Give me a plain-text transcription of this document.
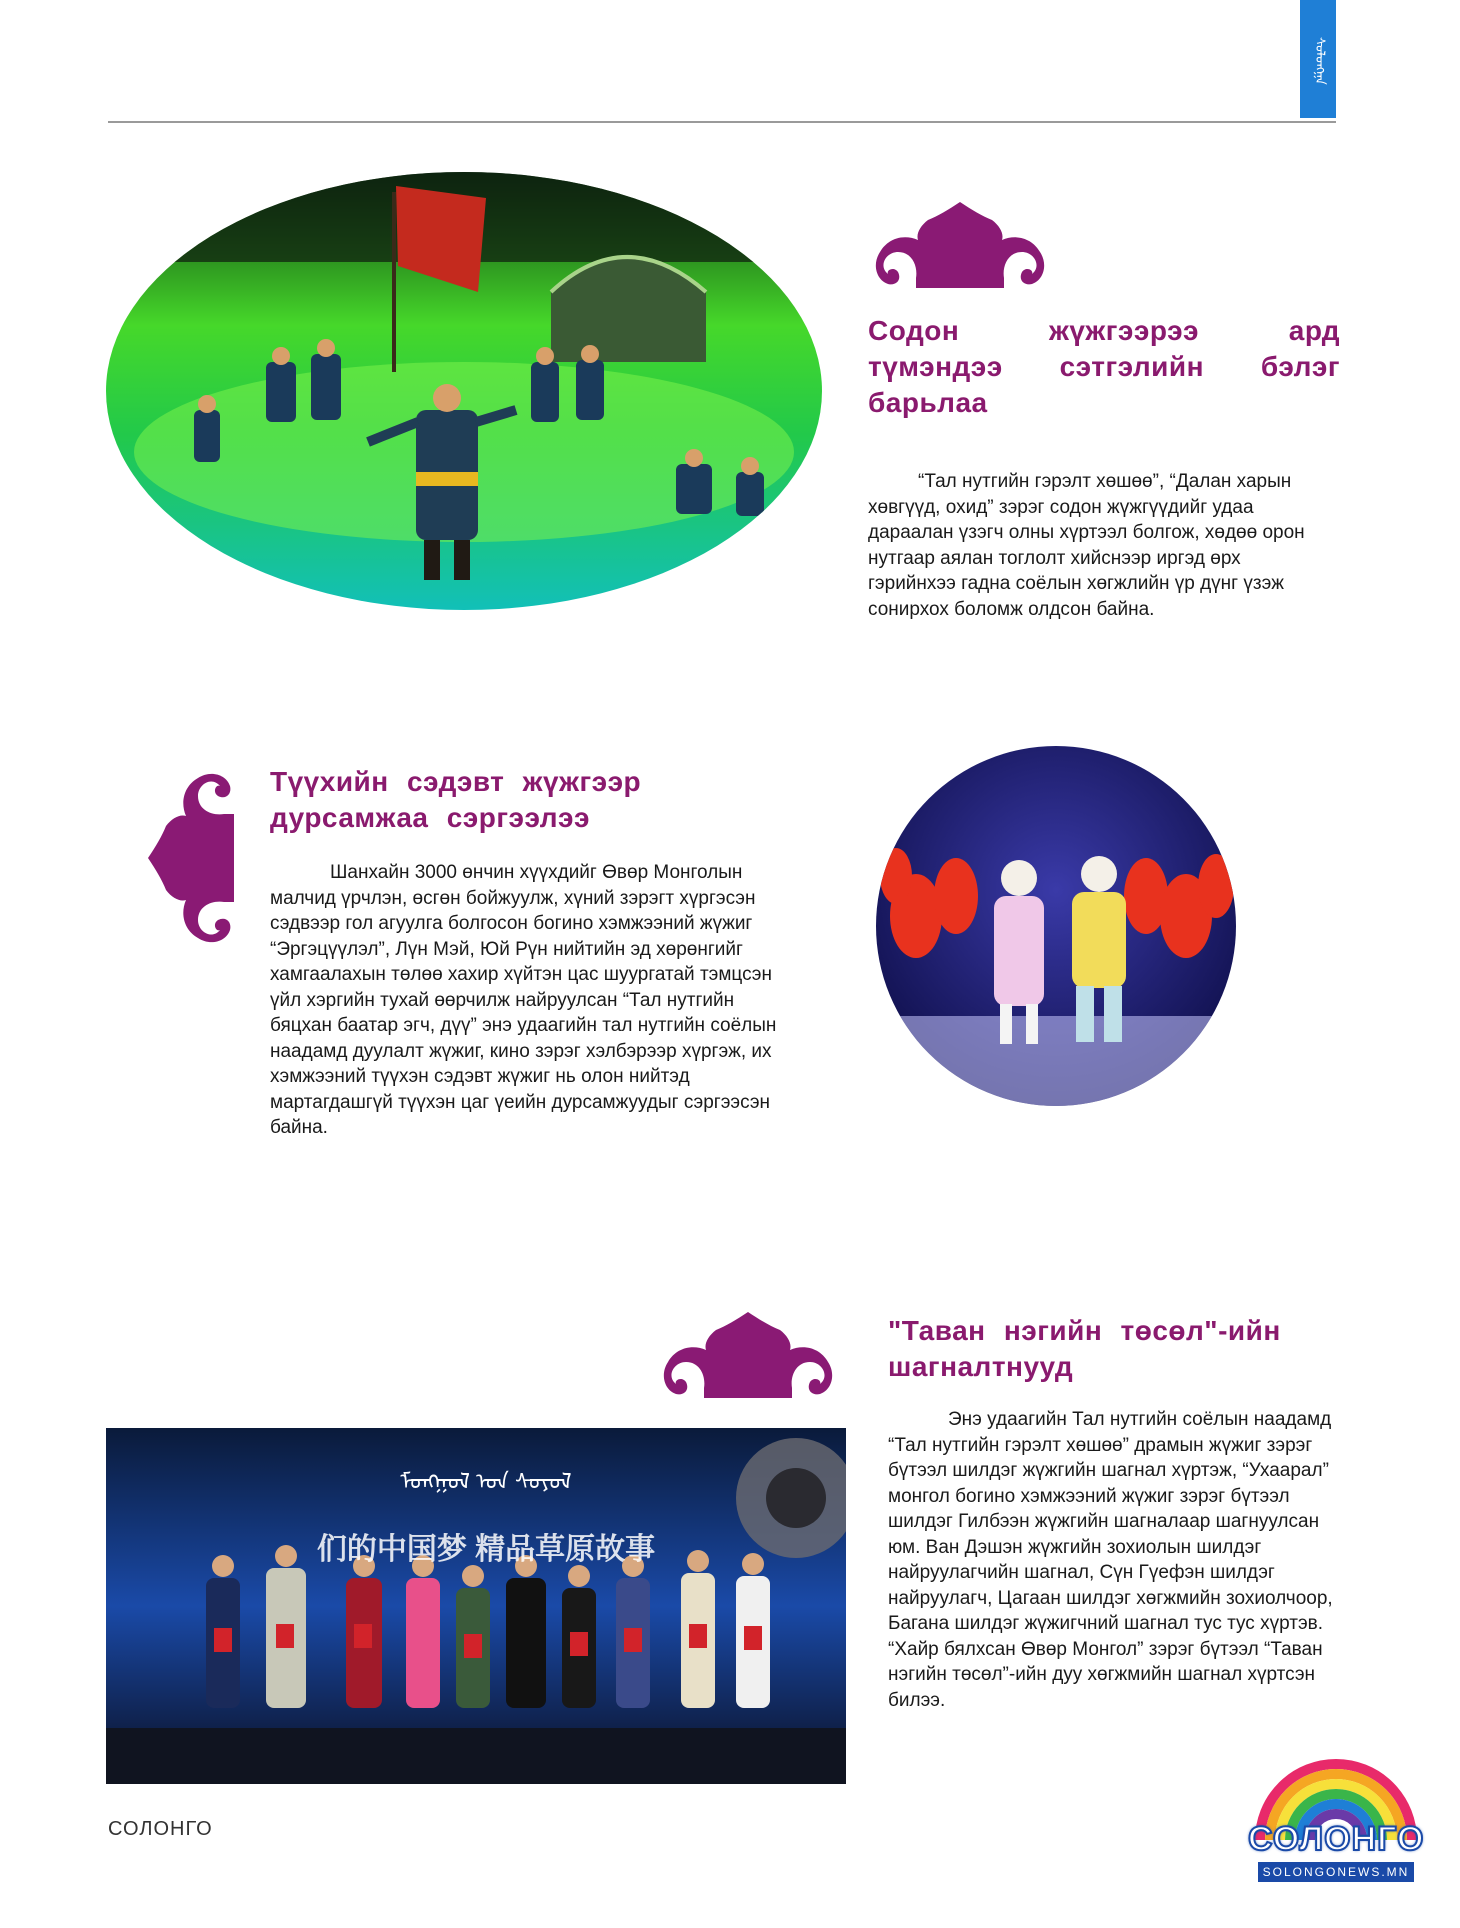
ᠰᠣᠯᠣᠩᠭ᠋ᠠ
Содон жүжгээрээ ард түмэндээ сэтгэлийн бэлэг барьлаа

“Тал нутгийн гэрэлт хөшөө”, “Далан харын хөвгүүд, охид” зэрэг содон жүжгүүдийг удаа дараалан үзэгч олны хүртээл болгож, хөдөө орон нутгаар аялан тоглолт хийснээр иргэд өрх гэрийнхээ гадна соёлын хөгжлийн үр дүнг үзэж сонирхох боломж олдсон байна.

Түүхийн сэдэвт жүжгээр дурсамжаа сэргээлээ

Шанхайн 3000 өнчин хүүхдийг Өвөр Монголын малчид үрчлэн, өсгөн бойжуулж, хүний зэрэгт хүргэсэн сэдвээр гол агуулга болгосон богино хэмжээний жүжиг “Эргэцүүлэл”, Лүн Мэй, Юй Рүн нийтийн эд хөрөнгийг хамгаалахын төлөө хахир хүйтэн цас шуургатай тэмцсэн үйл хэргийн тухай өөрчилж найруулсан “Тал нутгийн бяцхан баатар эгч, дүү” энэ удаагийн тал нутгийн соёлын наадамд дуулалт жүжиг, кино зэрэг хэлбэрээр хүргэж, их хэмжээний түүхэн сэдэвт жүжиг нь олон нийтэд мартагдашгүй түүхэн цаг үеийн дурсамжуудыг сэргээсэн байна.

"Таван нэгийн төсөл"-ийн шагналтнууд

Энэ удаагийн Тал нутгийн соёлын наадамд “Тал нутгийн гэрэлт хөшөө” драмын жүжиг зэрэг бүтээл шилдэг жүжгийн шагнал хүртэж, “Ухаарал” монгол богино хэмжээний жүжиг зэрэг бүтээл шилдэг Гилбээн жүжгийн шагналаар шагнуулсан юм. Ван Дэшэн жүжгийн зохиолын шилдэг найруулагчийн шагнал, Сүн Гүефэн шилдэг найруулагч, Цагаан шилдэг хөгжмийн зохиолчоор, Багана шилдэг жүжигчний шагнал тус тус хүртэв. “Хайр бялхсан Өвөр Монгол” зэрэг бүтээл “Таван нэгийн төсөл”-ийн дуу хөгжмийн шагнал хүртсэн билээ.

ᠮᠣᠩᠭᠣᠯ ᠤᠨ ᠰᠤᠶᠤᠯ
们的中国梦 精品草原故事
СОЛОНГО	СОЛОНГО
SOLONGONEWS.MN
